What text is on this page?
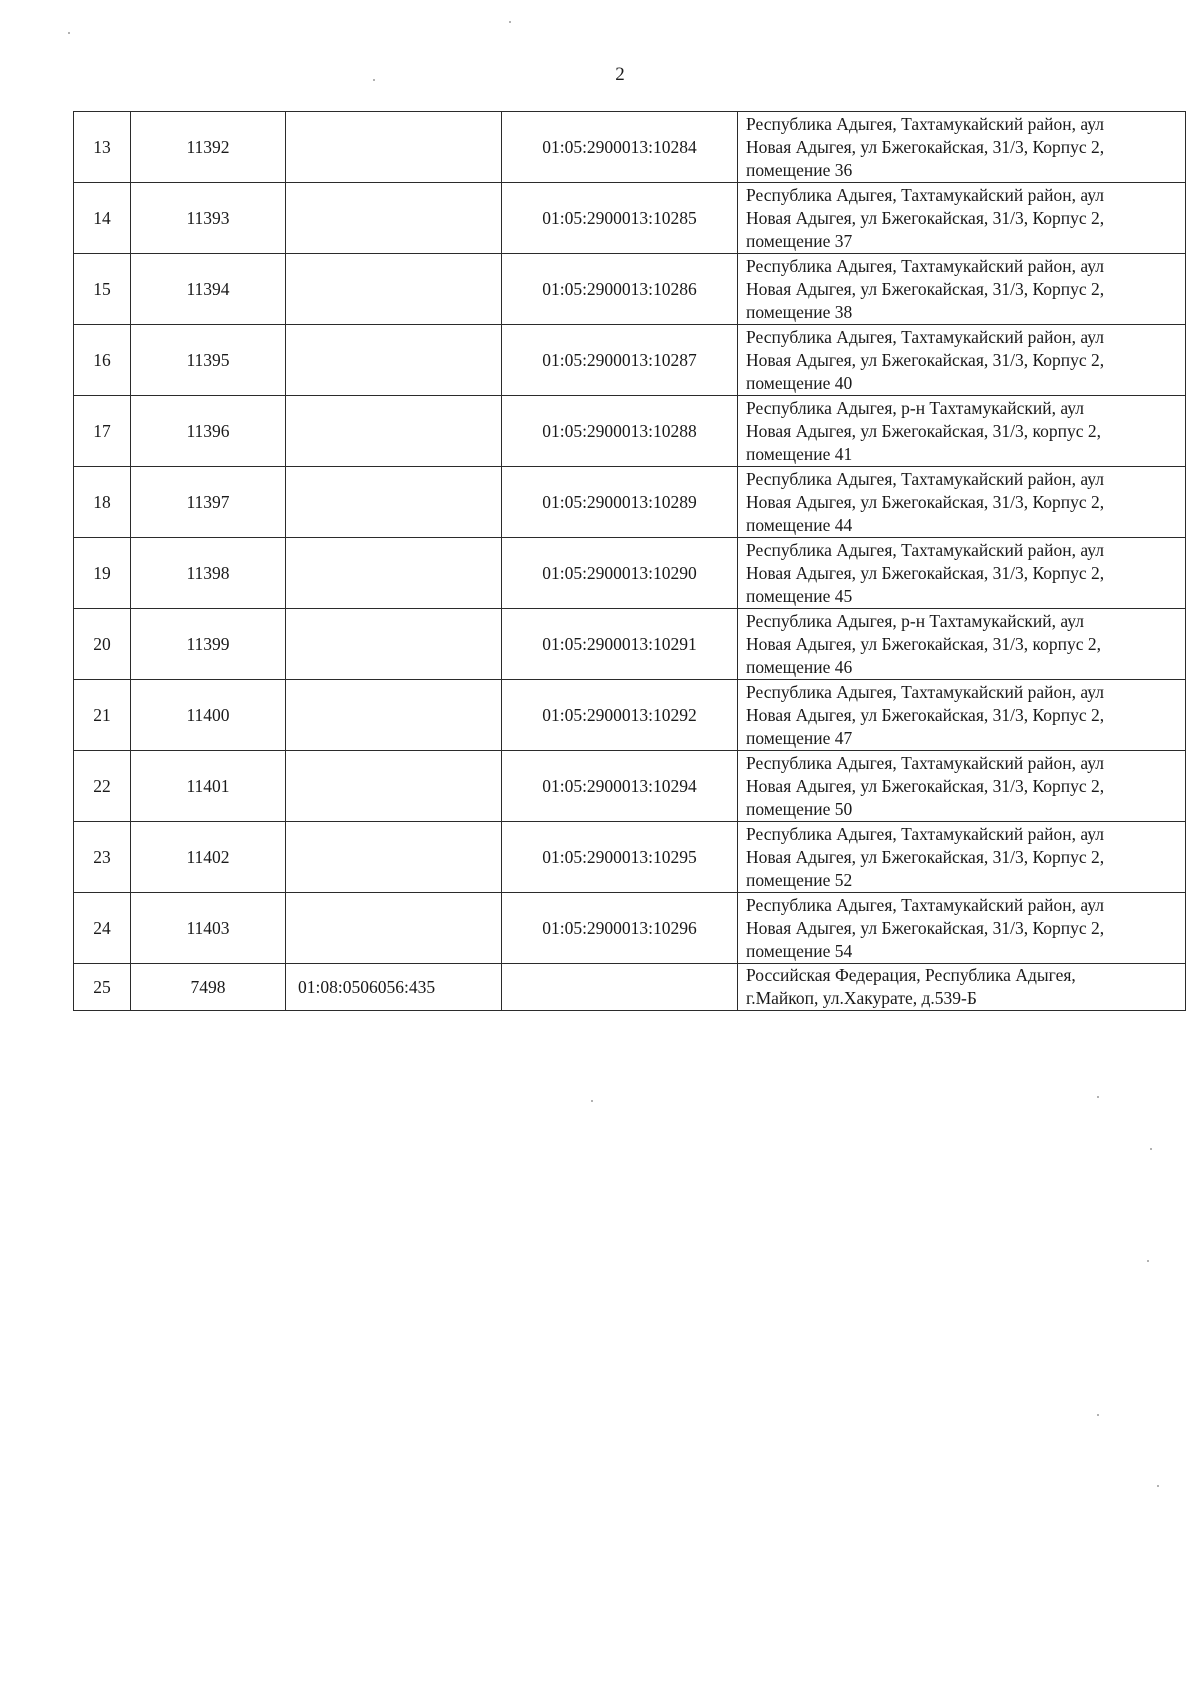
2
13	11392		01:05:2900013:10284	Республика Адыгея, Тахтамукайский район, аул
Новая Адыгея, ул Бжегокайская, 31/3, Корпус 2,
помещение 36

14	11393		01:05:2900013:10285	Республика Адыгея, Тахтамукайский район, аул
Новая Адыгея, ул Бжегокайская, 31/3, Корпус 2,
помещение 37

15	11394		01:05:2900013:10286	Республика Адыгея, Тахтамукайский район, аул
Новая Адыгея, ул Бжегокайская, 31/3, Корпус 2,
помещение 38

16	11395		01:05:2900013:10287	Республика Адыгея, Тахтамукайский район, аул
Новая Адыгея, ул Бжегокайская, 31/3, Корпус 2,
помещение 40

17	11396		01:05:2900013:10288	Республика Адыгея, р-н Тахтамукайский, аул
Новая Адыгея, ул Бжегокайская, 31/3, корпус 2,
помещение 41

18	11397		01:05:2900013:10289	Республика Адыгея, Тахтамукайский район, аул
Новая Адыгея, ул Бжегокайская, 31/3, Корпус 2,
помещение 44

19	11398		01:05:2900013:10290	Республика Адыгея, Тахтамукайский район, аул
Новая Адыгея, ул Бжегокайская, 31/3, Корпус 2,
помещение 45

20	11399		01:05:2900013:10291	Республика Адыгея, р-н Тахтамукайский, аул
Новая Адыгея, ул Бжегокайская, 31/3, корпус 2,
помещение 46

21	11400		01:05:2900013:10292	Республика Адыгея, Тахтамукайский район, аул
Новая Адыгея, ул Бжегокайская, 31/3, Корпус 2,
помещение 47

22	11401		01:05:2900013:10294	Республика Адыгея, Тахтамукайский район, аул
Новая Адыгея, ул Бжегокайская, 31/3, Корпус 2,
помещение 50

23	11402		01:05:2900013:10295	Республика Адыгея, Тахтамукайский район, аул
Новая Адыгея, ул Бжегокайская, 31/3, Корпус 2,
помещение 52

24	11403		01:05:2900013:10296	Республика Адыгея, Тахтамукайский район, аул
Новая Адыгея, ул Бжегокайская, 31/3, Корпус 2,
помещение 54

25	7498	01:08:0506056:435		Российская Федерация, Республика Адыгея,
г.Майкоп, ул.Хакурате, д.539-Б
